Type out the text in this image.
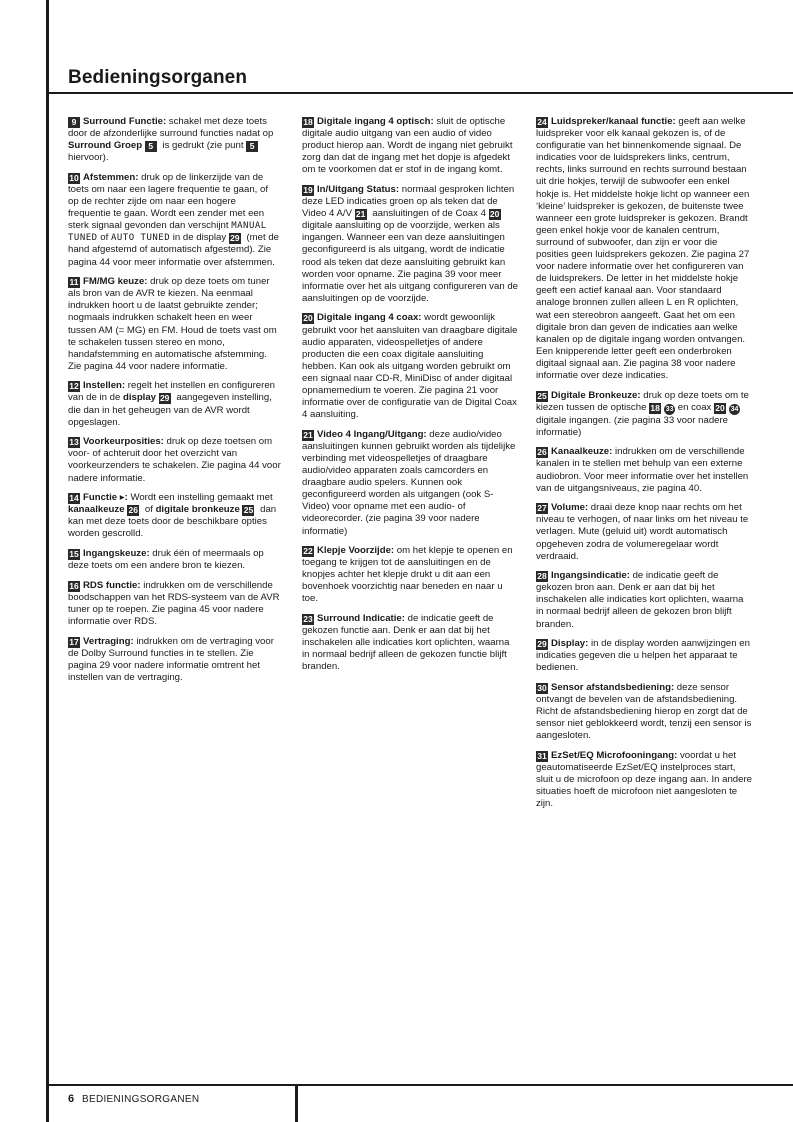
Bedieningsorganen

9 Surround Functie: schakel met deze toets door de afzonderlijke surround functies nadat op Surround Groep 5 is gedrukt (zie punt 5 hiervoor).

10 Afstemmen: druk op de linkerzijde van de toets om naar een lagere frequentie te gaan, of op de rechter zijde om naar een hogere frequentie te gaan. Wordt een zender met een sterk signaal gevonden dan verschijnt MANUAL TUNED of AUTO TUNED in de display 29 (met de hand afgestemd of automatisch afgestemd). Zie pagina 44 voor meer informatie over afstemmen.

11 FM/MG keuze: druk op deze toets om tuner als bron van de AVR te kiezen. Na eenmaal indrukken hoort u de laatst gebruikte zender; nogmaals indrukken schakelt heen en weer tussen AM (= MG) en FM. Houd de toets vast om te schakelen tussen stereo en mono, handafstemming en automatische afstemming. Zie pagina 44 voor nadere informatie.

12 Instellen: regelt het instellen en configureren van de in de display 29 aangegeven instelling, die dan in het geheugen van de AVR wordt opgeslagen.

13 Voorkeurposities: druk op deze toetsen om voor- of achteruit door het overzicht van voorkeurzenders te schakelen. Zie pagina 44 voor nadere informatie.

14 Functie ▸: Wordt een instelling gemaakt met kanaalkeuze 26 of digitale bronkeuze 25 dan kan met deze toets door de beschikbare opties worden gescrolld.

15 Ingangskeuze: druk één of meermaals op deze toets om een andere bron te kiezen.

16 RDS functie: indrukken om de verschillende boodschappen van het RDS-systeem van de AVR tuner op te roepen. Zie pagina 45 voor nadere informatie over RDS.

17 Vertraging: indrukken om de vertraging voor de Dolby Surround functies in te stellen. Zie pagina 29 voor nadere informatie omtrent het instellen van de vertraging.

18 Digitale ingang 4 optisch: sluit de optische digitale audio uitgang van een audio of video product hierop aan. Wordt de ingang niet gebruikt zorg dan dat de ingang met het dopje is afgedekt om te voorkomen dat er stof in de ingang komt.

19 In/Uitgang Status: normaal gesproken lichten deze LED indicaties groen op als teken dat de Video 4 A/V 21 aansluitingen of de Coax 4 20 digitale aansluiting op de voorzijde, werken als ingangen. Wanneer een van deze aansluitingen geconfigureerd is als uitgang, wordt de indicatie rood als teken dat deze aansluiting gebruikt kan worden voor opname. Zie pagina 39 voor meer informatie over het als uitgang configureren van de aansluitingen op de voorzijde.

20 Digitale ingang 4 coax: wordt gewoonlijk gebruikt voor het aansluiten van draagbare digitale audio apparaten, videospelletjes of andere producten die een coax digitale aansluiting hebben. Kan ook als uitgang worden gebruikt om een signaal naar CD-R, MiniDisc of ander digitaal opnamemedium te voeren. Zie pagina 21 voor informatie over de configuratie van de Digital Coax 4 aansluiting.

21 Video 4 Ingang/Uitgang: deze audio/video aansluitingen kunnen gebruikt worden als tijdelijke verbinding met videospelletjes of draagbare audio/video apparaten zoals camcorders en draagbare audio spelers. Kunnen ook geconfigureerd worden als uitgangen (ook S-Video) voor opname met een audio- of videorecorder. (zie pagina 39 voor nadere informatie)

22 Klepje Voorzijde: om het klepje te openen en toegang te krijgen tot de aansluitingen en de knopjes achter het klepje drukt u dit aan een bovenhoek voorzichtig naar beneden en naar u toe.

23 Surround Indicatie: de indicatie geeft de gekozen functie aan. Denk er aan dat bij het inschakelen alle indicaties kort oplichten, waarna in normaal bedrijf alleen de gekozen functie blijft branden.

24 Luidspreker/kanaal functie: geeft aan welke luidspreker voor elk kanaal gekozen is, of de configuratie van het binnenkomende signaal. De indicaties voor de luidsprekers links, centrum, rechts, links surround en rechts surround bestaan uit drie hokjes, terwijl de subwoofer een enkel hokje is. Het middelste hokje licht op wanneer een ‘kleine’ luidspreker is gekozen, de buitenste twee wanneer een grote luidspreker is gekozen. Brandt geen enkel hokje voor de kanalen centrum, surround of subwoofer, dan zijn er voor die posities geen luidsprekers gekozen. Zie pagina 27 voor nadere informatie over het configureren van de luidsprekers. De letter in het middelste hokje geeft een actief kanaal aan. Voor standaard analoge bronnen zullen alleen L en R oplichten, wat een stereobron aangeeft. Gaat het om een digitale bron dan geven de indicaties aan welke kanalen op de digitale ingang worden ontvangen. Een knipperende letter geeft een onderbroken digitaal signaal aan. Zie pagina 38 voor nadere informatie over deze indicaties.

25 Digitale Bronkeuze: druk op deze toets om te kiezen tussen de optische 18 33 en coax 20 34 digitale ingangen. (zie pagina 33 voor nadere informatie)

26 Kanaalkeuze: indrukken om de verschillende kanalen in te stellen met behulp van een externe audiobron. Voor meer informatie over het instellen van de uitgangsniveaus, zie pagina 40.

27 Volume: draai deze knop naar rechts om het niveau te verhogen, of naar links om het niveau te verlagen. Mute (geluid uit) wordt automatisch opgeheven zodra de volumeregelaar wordt verdraaid.

28 Ingangsindicatie: de indicatie geeft de gekozen bron aan. Denk er aan dat bij het inschakelen alle indicaties kort oplichten, waarna in normaal bedrijf alleen de gekozen bron blijft branden.

29 Display: in de display worden aanwijzingen en indicaties gegeven die u helpen het apparaat te bedienen.

30 Sensor afstandsbediening: deze sensor ontvangt de bevelen van de afstandsbediening. Richt de afstandsbediening hierop en zorgt dat de sensor niet geblokkeerd wordt, tenzij een sensor is aangesloten.

31 EzSet/EQ Microfooningang: voordat u het geautomatiseerde EzSet/EQ instelproces start, sluit u de microfoon op deze ingang aan. In andere situaties hoeft de microfoon niet aangesloten te zijn.

6 BEDIENINGSORGANEN
